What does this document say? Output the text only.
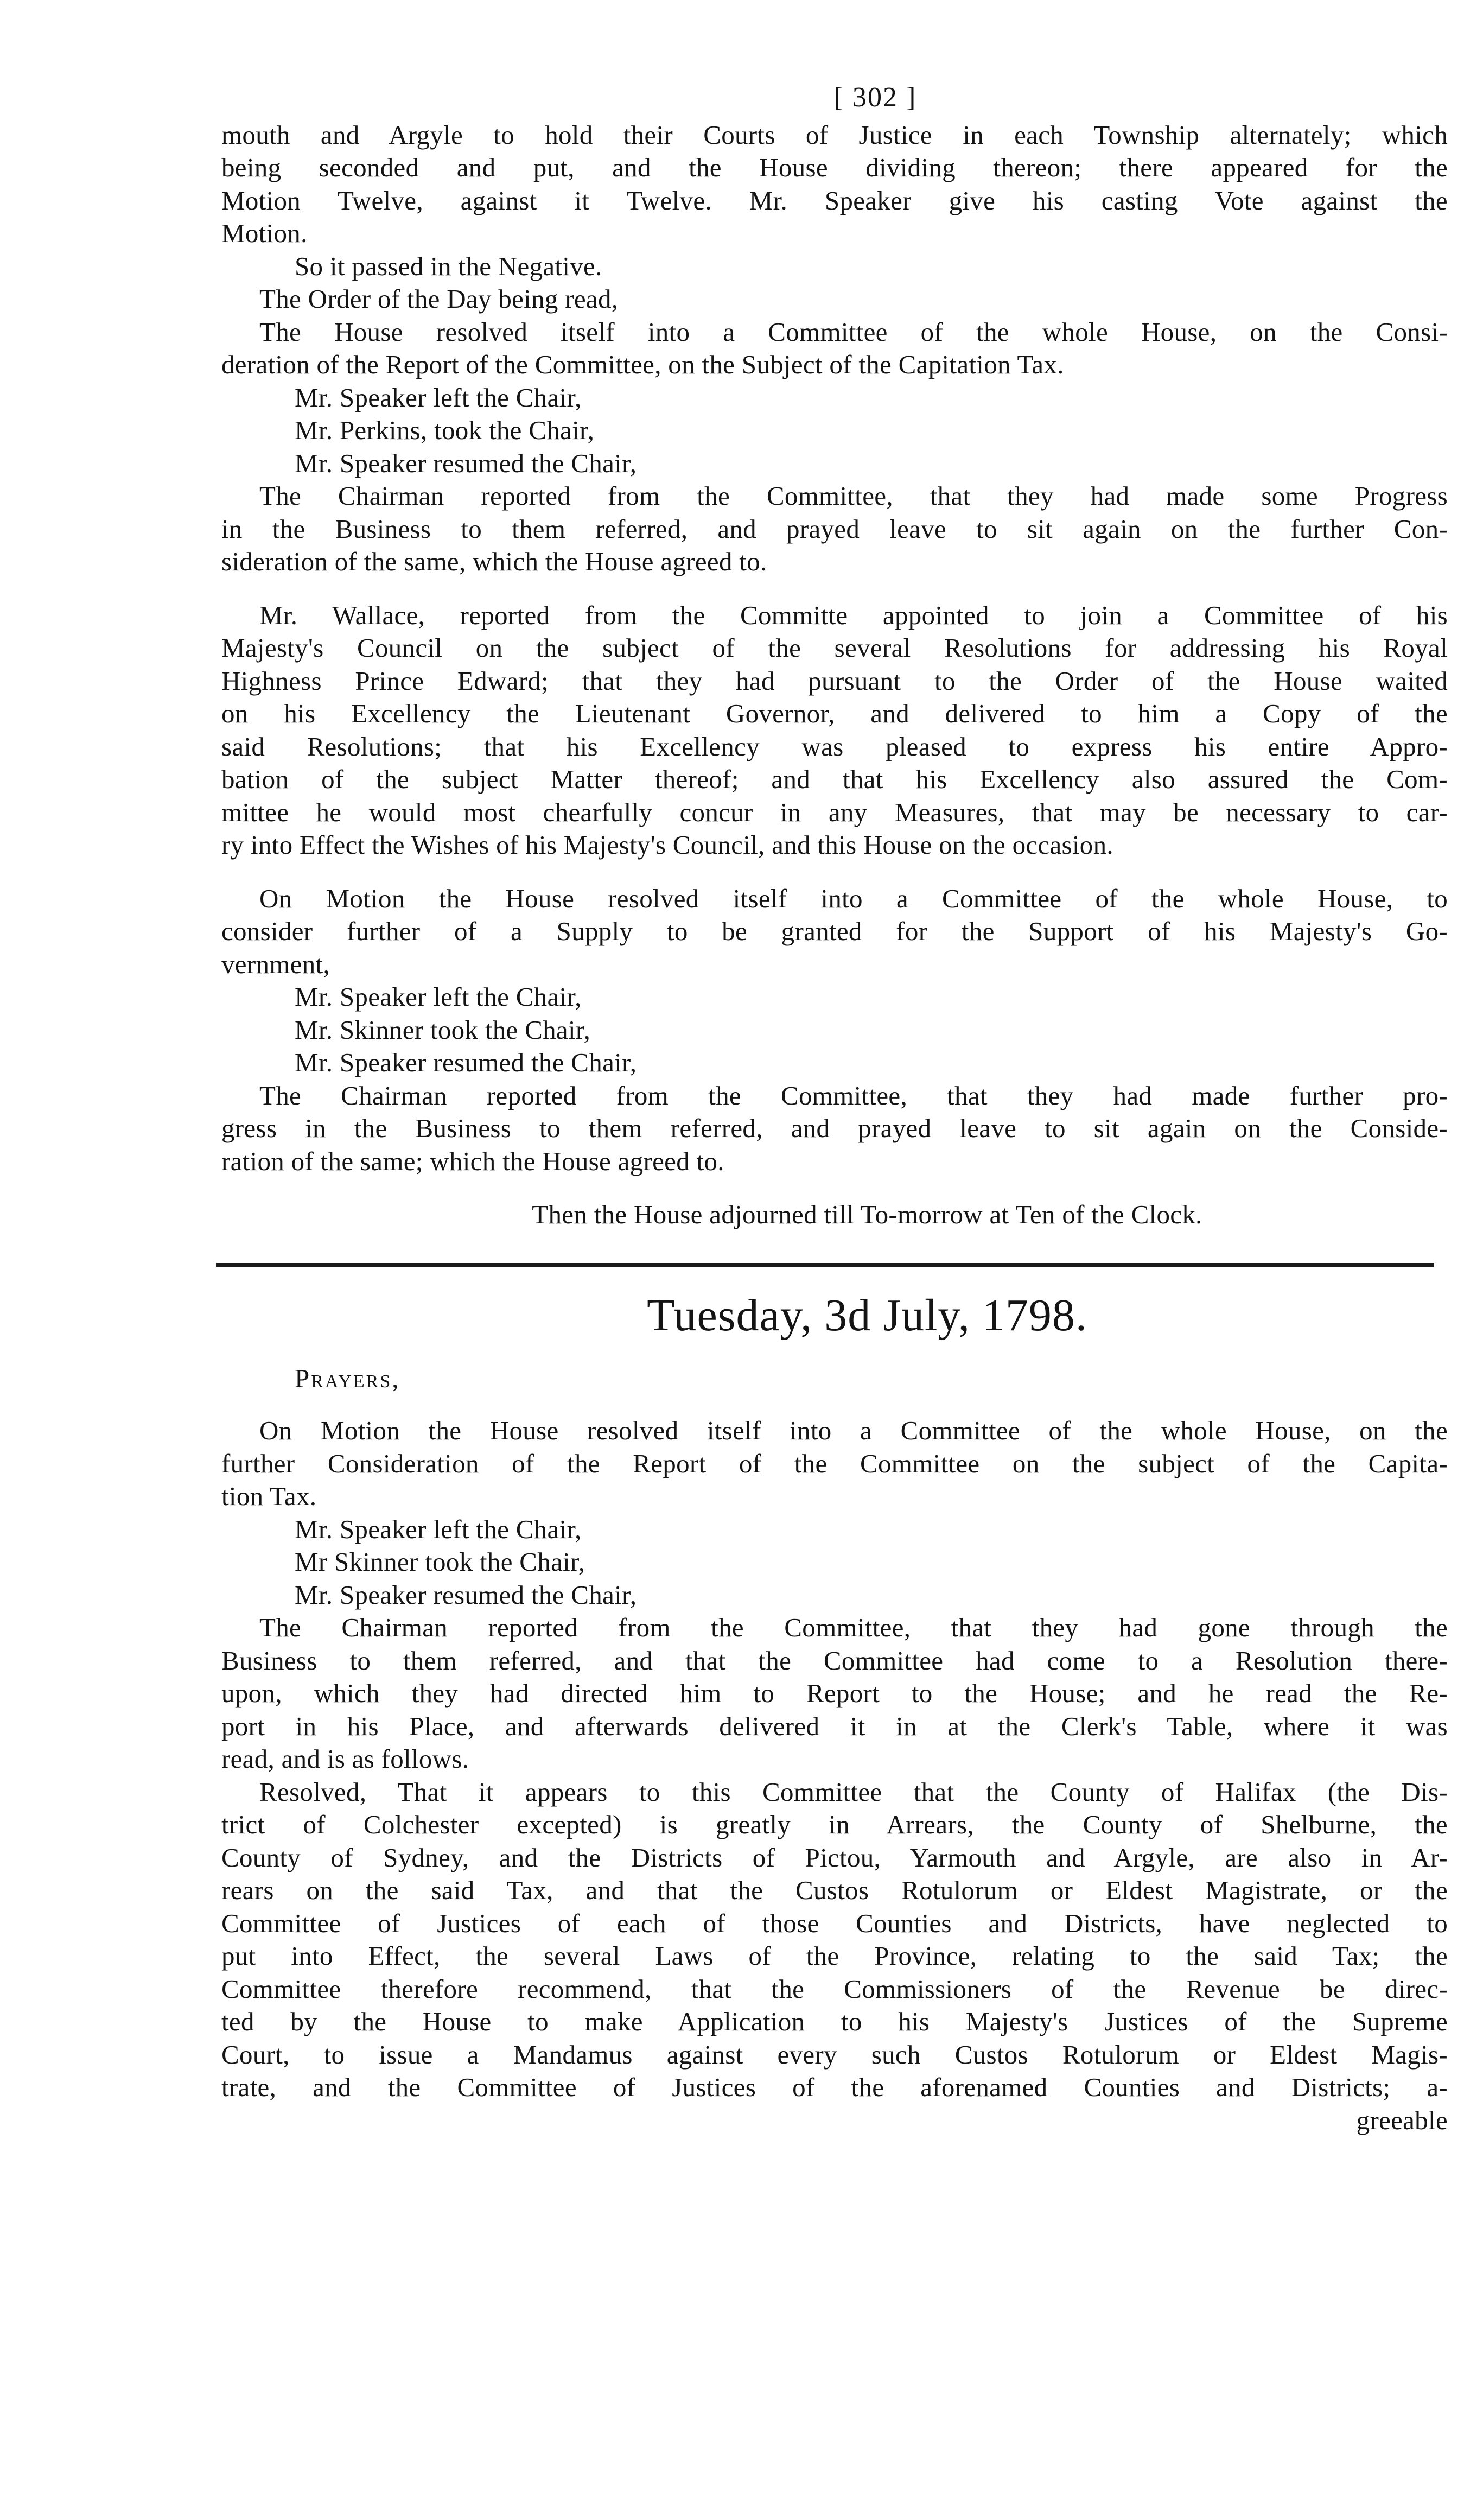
[ 302 ]

mouth and Argyle to hold their Courts of Justice in each Township alternately; which

being seconded and put, and the House dividing thereon; there appeared for the

Motion Twelve, against it Twelve. Mr. Speaker give his casting Vote against the

Motion.

So it passed in the Negative.

The Order of the Day being read,

The House resolved itself into a Committee of the whole House, on the Consi-

deration of the Report of the Committee, on the Subject of the Capitation Tax.

Mr. Speaker left the Chair,

Mr. Perkins, took the Chair,

Mr. Speaker resumed the Chair,

The Chairman reported from the Committee, that they had made some Progress

in the Business to them referred, and prayed leave to sit again on the further Con-

sideration of the same, which the House agreed to.

Mr. Wallace, reported from the Committe appointed to join a Committee of his

Majesty's Council on the subject of the several Resolutions for addressing his Royal

Highness Prince Edward; that they had pursuant to the Order of the House waited

on his Excellency the Lieutenant Governor, and delivered to him a Copy of the

said Resolutions; that his Excellency was pleased to express his entire Appro-

bation of the subject Matter thereof; and that his Excellency also assured the Com-

mittee he would most chearfully concur in any Measures, that may be necessary to car-

ry into Effect the Wishes of his Majesty's Council, and this House on the occasion.

On Motion the House resolved itself into a Committee of the whole House, to

consider further of a Supply to be granted for the Support of his Majesty's Go-

vernment,

Mr. Speaker left the Chair,

Mr. Skinner took the Chair,

Mr. Speaker resumed the Chair,

The Chairman reported from the Committee, that they had made further pro-

gress in the Business to them referred, and prayed leave to sit again on the Conside-

ration of the same; which the House agreed to.

Then the House adjourned till To-morrow at Ten of the Clock.

Tuesday, 3d July, 1798.
Prayers,

On Motion the House resolved itself into a Committee of the whole House, on the

further Consideration of the Report of the Committee on the subject of the Capita-

tion Tax.

Mr. Speaker left the Chair,

Mr Skinner took the Chair,

Mr. Speaker resumed the Chair,

The Chairman reported from the Committee, that they had gone through the

Business to them referred, and that the Committee had come to a Resolution there-

upon, which they had directed him to Report to the House; and he read the Re-

port in his Place, and afterwards delivered it in at the Clerk's Table, where it was

read, and is as follows.

Resolved, That it appears to this Committee that the County of Halifax (the Dis-

trict of Colchester excepted) is greatly in Arrears, the County of Shelburne, the

County of Sydney, and the Districts of Pictou, Yarmouth and Argyle, are also in Ar-

rears on the said Tax, and that the Custos Rotulorum or Eldest Magistrate, or the

Committee of Justices of each of those Counties and Districts, have neglected to

put into Effect, the several Laws of the Province, relating to the said Tax; the

Committee therefore recommend, that the Commissioners of the Revenue be direc-

ted by the House to make Application to his Majesty's Justices of the Supreme

Court, to issue a Mandamus against every such Custos Rotulorum or Eldest Magis-

trate, and the Committee of Justices of the aforenamed Counties and Districts; a-

greeable
